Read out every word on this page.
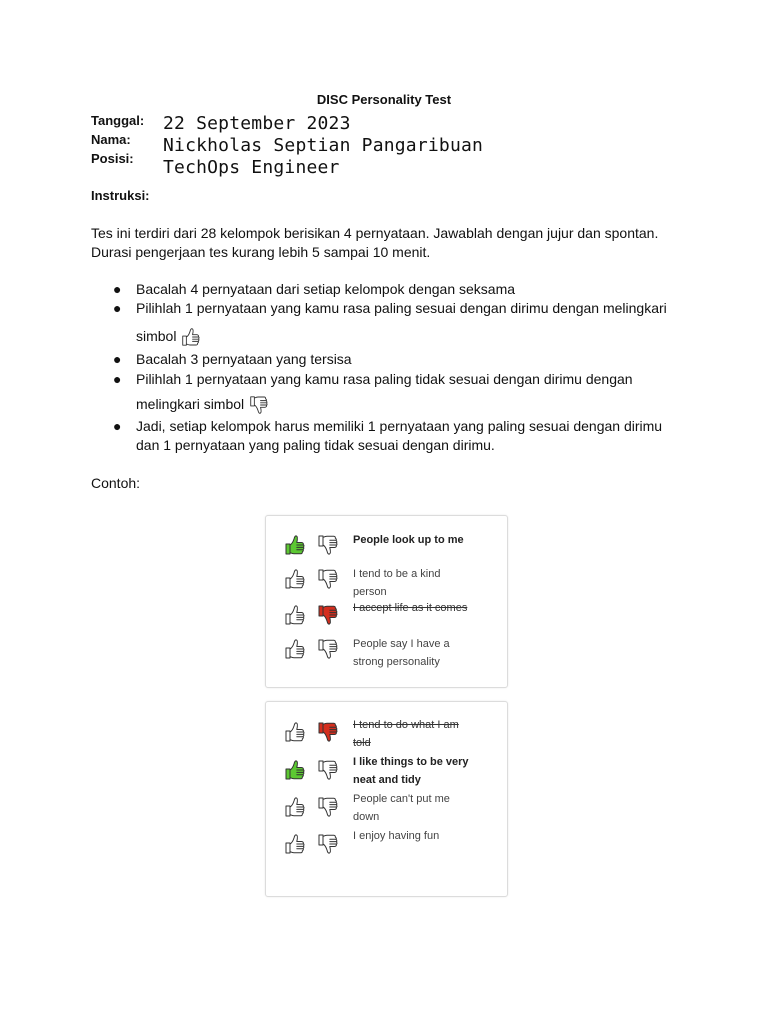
DISC Personality Test
Tanggal:
Nama:
Posisi:
22 September 2023
Nickholas Septian Pangaribuan
TechOps Engineer
Instruksi:
Tes ini terdiri dari 28 kelompok berisikan 4 pernyataan. Jawablah dengan jujur dan spontan.
Durasi pengerjaan tes kurang lebih 5 sampai 10 menit.
● Bacalah 4 pernyataan dari setiap kelompok dengan seksama
● Pilihlah 1 pernyataan yang kamu rasa paling sesuai dengan dirimu dengan melingkari
simbol
● Bacalah 3 pernyataan yang tersisa
● Pilihlah 1 pernyataan yang kamu rasa paling tidak sesuai dengan dirimu dengan
melingkari simbol
● Jadi, setiap kelompok harus memiliki 1 pernyataan yang paling sesuai dengan dirimu
dan 1 pernyataan yang paling tidak sesuai dengan dirimu.
Contoh:
People look up to me
I tend to be a kind
person
I accept life as it comes
People say I have a
strong personality
I tend to do what I am
told
I like things to be very
neat and tidy
People can't put me
down
I enjoy having fun
